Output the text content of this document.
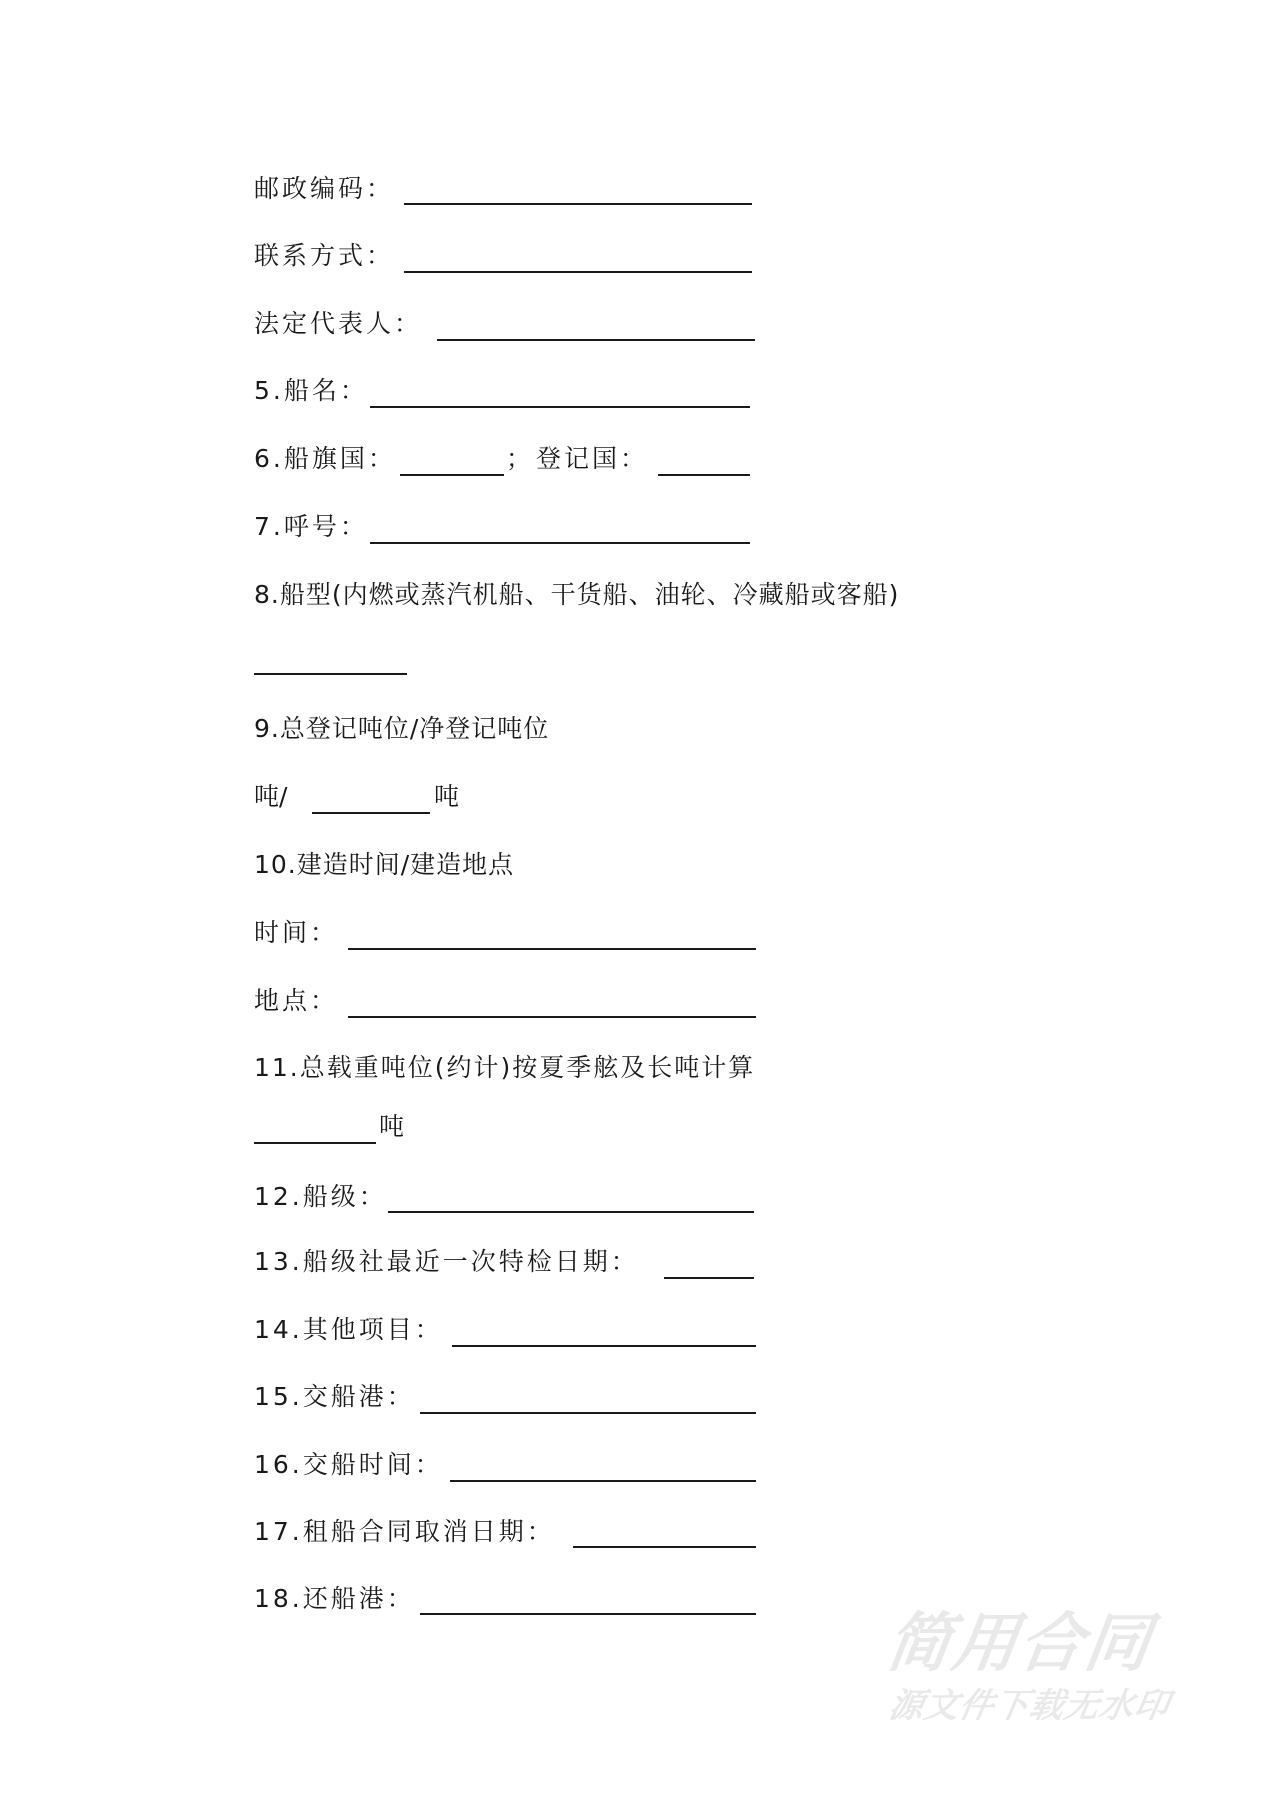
邮政编码：
联系方式：
法定代表人：
5.船名：
6.船旗国：	； 登记国：
7.呼号：
8.船型(内燃或蒸汽机船、干货船、油轮、冷藏船或客船)
9.总登记吨位/净登记吨位
吨/	吨
10.建造时间/建造地点
时间：
地点：
11.总载重吨位(约计)按夏季舷及长吨计算
吨
12.船级：
13.船级社最近一次特检日期：
14.其他项目：
15.交船港：
16.交船时间：
17.租船合同取消日期：
18.还船港：
简用合同
源文件下载无水印
